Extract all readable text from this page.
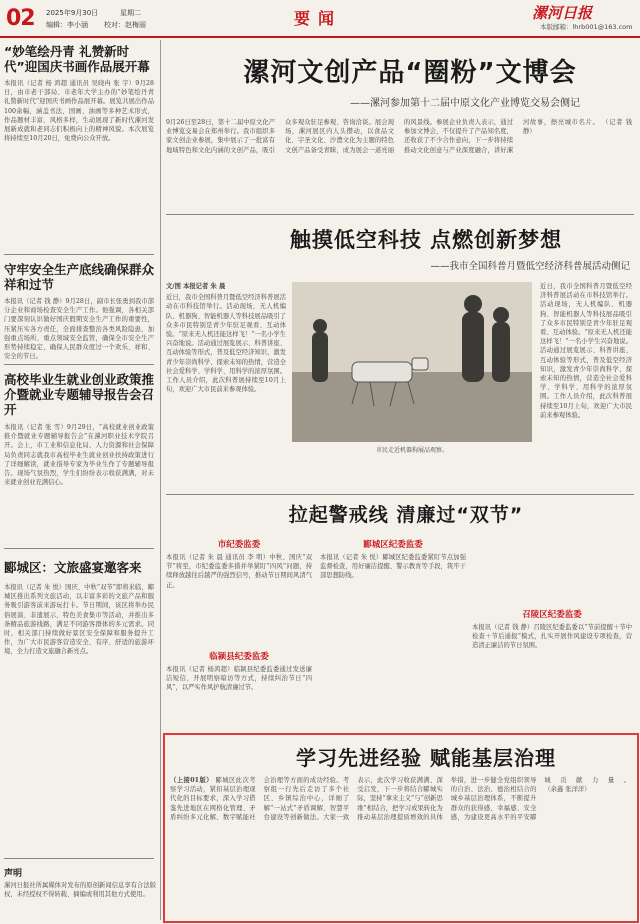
02 2025年9月30日	星期二
编辑：李小涵 校对：赵梅丽	要闻	漯河日报
本版邮箱：lhrb001@163.com
“妙笔绘丹青 礼赞新时代”迎国庆书画作品展开幕
本报讯（记者 杨 鸿超 通讯员 吴晓冉 张 宇）9月28日，由市老干部局、市老年大学主办的“妙笔绘丹青 礼赞新时代”迎国庆书画作品展开幕。展览共展出作品100余幅，涵盖书法、国画、油画等多种艺术形式，作品题材丰富、风格多样，生动展现了新时代漯河发展新成就和老同志们积极向上的精神风貌。本次展览将持续至10月20日，免费向公众开放。
守牢安全生产底线确保群众祥和过节
本报讯（记者 钱 静）9月28日，副市长张勇到我市部分企业和商场检查安全生产工作。他强调，各相关部门要深刻认识做好国庆假期安全生产工作的重要性，压紧压实各方责任，全面排查整治各类风险隐患，加强重点场所、重点领域安全监管，确保全市安全生产形势持续稳定，确保人民群众度过一个欢乐、祥和、安全的节日。
高校毕业生就业创业政策推介暨就业专题辅导报告会召开
本报讯（记者 张 雪）9月29日，“高校就业创业政策推介暨就业专题辅导报告会”在漯河职业技术学院召开。会上，市工业和信息化局、人力资源和社会保障局负责同志就我市高校毕业生就业创业扶持政策进行了详细解读，就业指导专家为毕业生作了专题辅导报告。现场气氛热烈，学生们纷纷表示收获满满，对未来就业创业充满信心。
郾城区：文旅盛宴邀客来
本报讯（记者 朱 悦）国庆、中秋“双节”即将来临，郾城区推出系列文旅活动，以丰富多彩的文旅产品和服务吸引游客前来游玩打卡。节日期间，该区将举办民俗展演、非遗展示、特色美食集市等活动，并推出多条精品旅游线路，满足不同游客群体的多元需求。同时，相关部门持续做好景区安全保障和服务提升工作，为广大市民游客营造安全、有序、舒适的旅游环境，全力打造文旅融合新亮点。
声明
漯河日报社所属媒体对发布的原创新闻信息享有合法版权，未经授权不得转载、摘编或利用其他方式使用。
漯河文创产品“圈粉”文博会
——漯河参加第十二届中原文化产业博览交易会侧记
9月26日至28日，第十二届中原文化产业博览交易会在郑州举行。我市组织多家文创企业参展，集中展示了一批富有地域特色和文化内涵的文创产品，吸引众多观众驻足参观、咨询洽谈。展会现场，漯河展区内人头攒动，以食品文化、字圣文化、沙澧文化为主题的特色文创产品备受青睐，成为展会一道亮丽的风景线。参展企业负责人表示，通过参加文博会，不仅提升了产品知名度，还收获了不少合作意向，下一步将持续推动文化创意与产业深度融合，讲好漯河故事，擦亮城市名片。 （记者 钱 静）
触摸低空科技 点燃创新梦想
——我市全国科普月暨低空经济科普展活动侧记
文/图 本报记者 朱 晨
近日，我市全国科普月暨低空经济科普展活动在市科技馆举行。活动现场，无人机编队、机器狗、智能机器人等科技展品吸引了众多市民特别是青少年驻足观看、互动体验。“原来无人机还能这样飞！”一名小学生兴奋地说。活动通过展览展示、科普讲座、互动体验等形式，普及低空经济知识，激发青少年崇尚科学、探索未知的热情，营造全社会爱科学、学科学、用科学的浓厚氛围。工作人员介绍，此次科普展持续至10月上旬，欢迎广大市民前来参观体验。
市民走近机器狗展品观察。
近日，我市全国科普月暨低空经济科普展活动在市科技馆举行。活动现场，无人机编队、机器狗、智能机器人等科技展品吸引了众多市民特别是青少年驻足观看、互动体验。“原来无人机还能这样飞！”一名小学生兴奋地说。活动通过展览展示、科普讲座、互动体验等形式，普及低空经济知识，激发青少年崇尚科学、探索未知的热情，营造全社会爱科学、学科学、用科学的浓厚氛围。工作人员介绍，此次科普展持续至10月上旬，欢迎广大市民前来参观体验。
拉起警戒线 清廉过“双节”
市纪委监委
本报讯（记者 朱 晨 通讯员 李 明）中秋、国庆“双节”将至，市纪委监委多措并举紧盯“四风”问题，持续释放越往后越严的强烈信号，推动节日期间风清气正。
临颍县纪委监委
本报讯（记者 杨鸿超）临颍县纪委监委通过发送廉洁短信、开展明察暗访等方式，持续纠治节日“四风”，以严实作风护航清廉过节。
郾城区纪委监委
本报讯（记者 朱 悦）郾城区纪委监委紧盯节点加强监督检查，用好廉洁提醒、警示教育等手段，筑牢干部思想防线。
召陵区纪委监委
本报讯（记者 钱 静）召陵区纪委监委以“节前提醒＋节中检查＋节后通报”模式，扎实开展作风建设专项检查，营造清正廉洁的节日氛围。
学习先进经验 赋能基层治理
（上接01版） 郾城区此次考察学习活动，紧扣基层治理现代化的目标要求，深入学习借鉴先进地区在网格化管理、矛盾纠纷多元化解、数字赋能社会治理等方面的成功经验。考察组一行先后走访了多个社区、乡镇综治中心，详细了解“一站式”矛盾调解、智慧平台建设等创新做法。大家一致表示，此次学习收获满满、深受启发，下一步将结合郾城实际，坚持“拿来主义”与“创新思维”相结合，把学习成果转化为推动基层治理提质增效的具体举措，进一步健全党组织领导的自治、法治、德治相结合的城乡基层治理体系，不断提升群众的获得感、幸福感、安全感，为建设更高水平的平安郾城贡献力量。 （余鑫 张洋洋）
